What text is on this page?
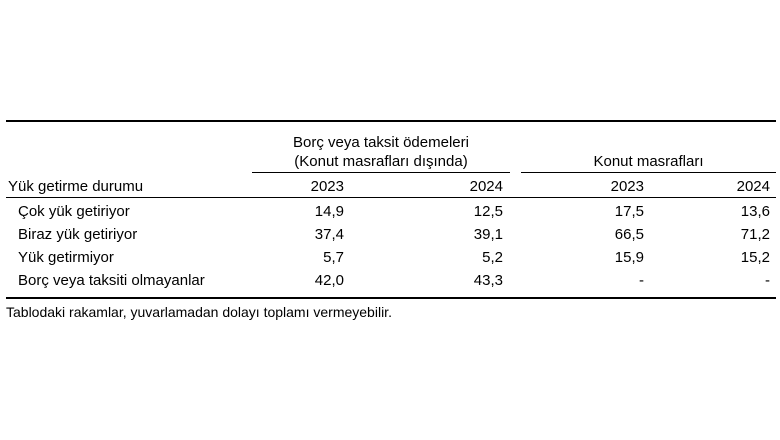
Borç veya taksit ödemeleri
(Konut masrafları dışında)	Konut masrafları
Yük getirme durumu	2023	2024	2023	2024
Çok yük getiriyor	14,9	12,5	17,5	13,6
Biraz yük getiriyor	37,4	39,1	66,5	71,2
Yük getirmiyor	5,7	5,2	15,9	15,2
Borç veya taksiti olmayanlar	42,0	43,3	-	-
Tablodaki rakamlar, yuvarlamadan dolayı toplamı vermeyebilir.
